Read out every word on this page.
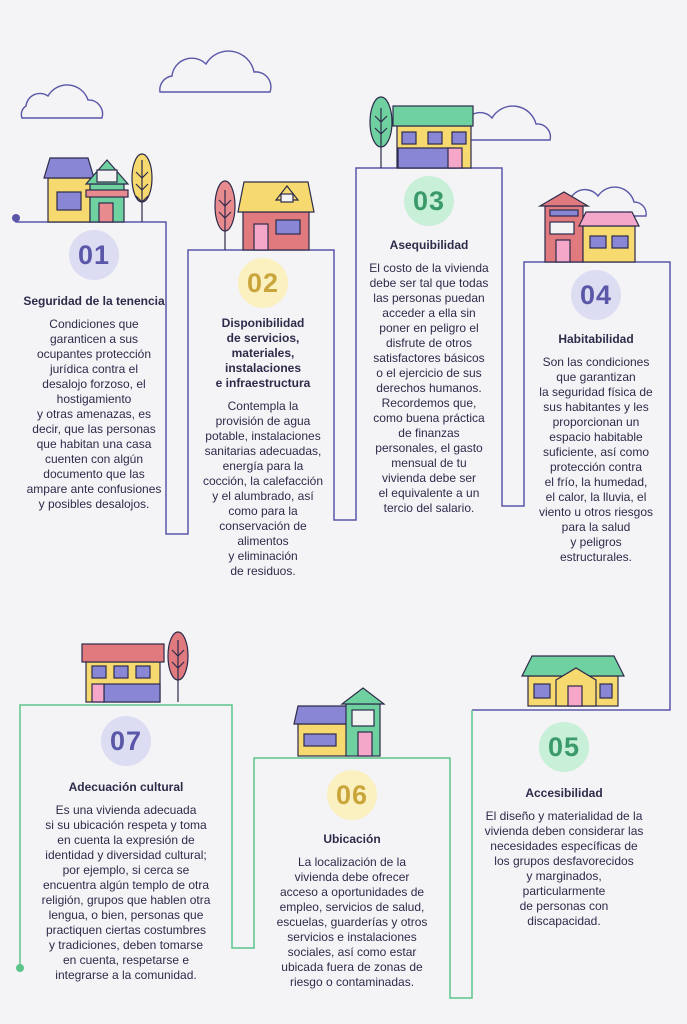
01
Seguridad de la tenencia
Condiciones que
garanticen a sus
ocupantes protección
jurídica contra el
desalojo forzoso, el
hostigamiento
y otras amenazas, es
decir, que las personas
que habitan una casa
cuenten con algún
documento que las
ampare ante confusiones
y posibles desalojos.
02
Disponibilidad
de servicios,
materiales,
instalaciones
e infraestructura
Contempla la
provisión de agua
potable, instalaciones
sanitarias adecuadas,
energía para la
cocción, la calefacción
y el alumbrado, así
como para la
conservación de
alimentos
y eliminación
de residuos.
03
Asequibilidad
El costo de la vivienda
debe ser tal que todas
las personas puedan
acceder a ella sin
poner en peligro el
disfrute de otros
satisfactores básicos
o el ejercicio de sus
derechos humanos.
Recordemos que,
como buena práctica
de finanzas
personales, el gasto
mensual de tu
vivienda debe ser
el equivalente a un
tercio del salario.
04
Habitabilidad
Son las condiciones
que garantizan
la seguridad física de
sus habitantes y les
proporcionan un
espacio habitable
suficiente, así como
protección contra
el frío, la humedad,
el calor, la lluvia, el
viento u otros riesgos
para la salud
y peligros
estructurales.
05
Accesibilidad
El diseño y materialidad de la
vivienda deben considerar las
necesidades específicas de
los grupos desfavorecidos
y marginados,
particularmente
de personas con
discapacidad.
06
Ubicación
La localización de la
vivienda debe ofrecer
acceso a oportunidades de
empleo, servicios de salud,
escuelas, guarderías y otros
servicios e instalaciones
sociales, así como estar
ubicada fuera de zonas de
riesgo o contaminadas.
07
Adecuación cultural
Es una vivienda adecuada
si su ubicación respeta y toma
en cuenta la expresión de
identidad y diversidad cultural;
por ejemplo, si cerca se
encuentra algún templo de otra
religión, grupos que hablen otra
lengua, o bien, personas que
practiquen ciertas costumbres
y tradiciones, deben tomarse
en cuenta, respetarse e
integrarse a la comunidad.
